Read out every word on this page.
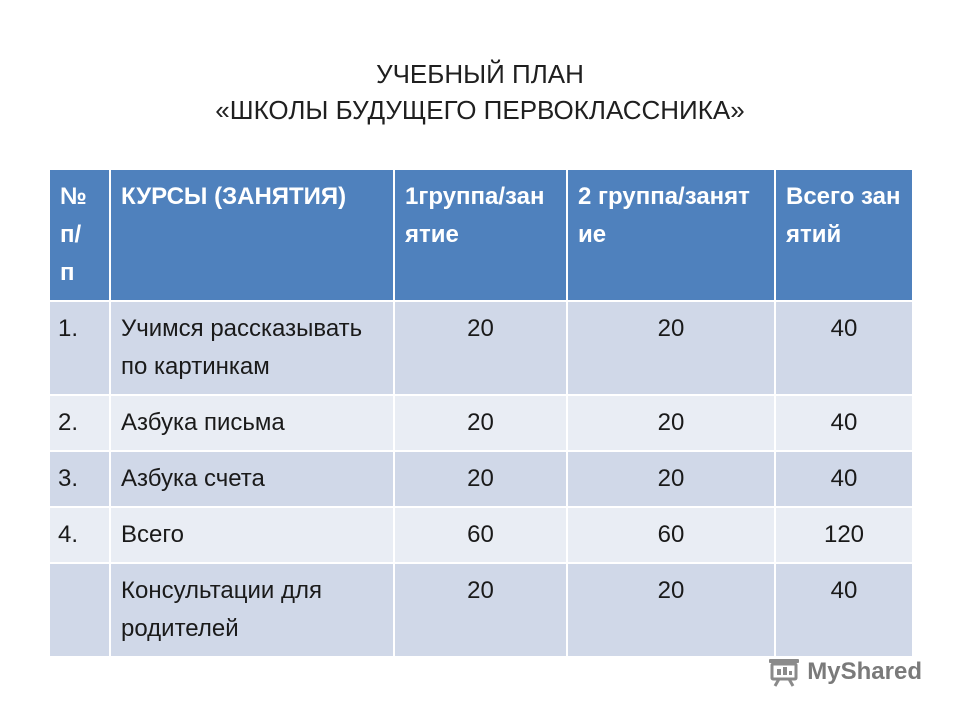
УЧЕБНЫЙ ПЛАН
«ШКОЛЫ БУДУЩЕГО ПЕРВОКЛАССНИКА»
№ п/ п	КУРСЫ (ЗАНЯТИЯ)	1группа/занятие	2 группа/занятие	Всего занятий
1.	Учимся рассказывать по картинкам	20	20	40
2.	Азбука письма	20	20	40
3.	Азбука счета	20	20	40
4.	Всего	60	60	120
	Консультации для родителей	20	20	40
MyShared
